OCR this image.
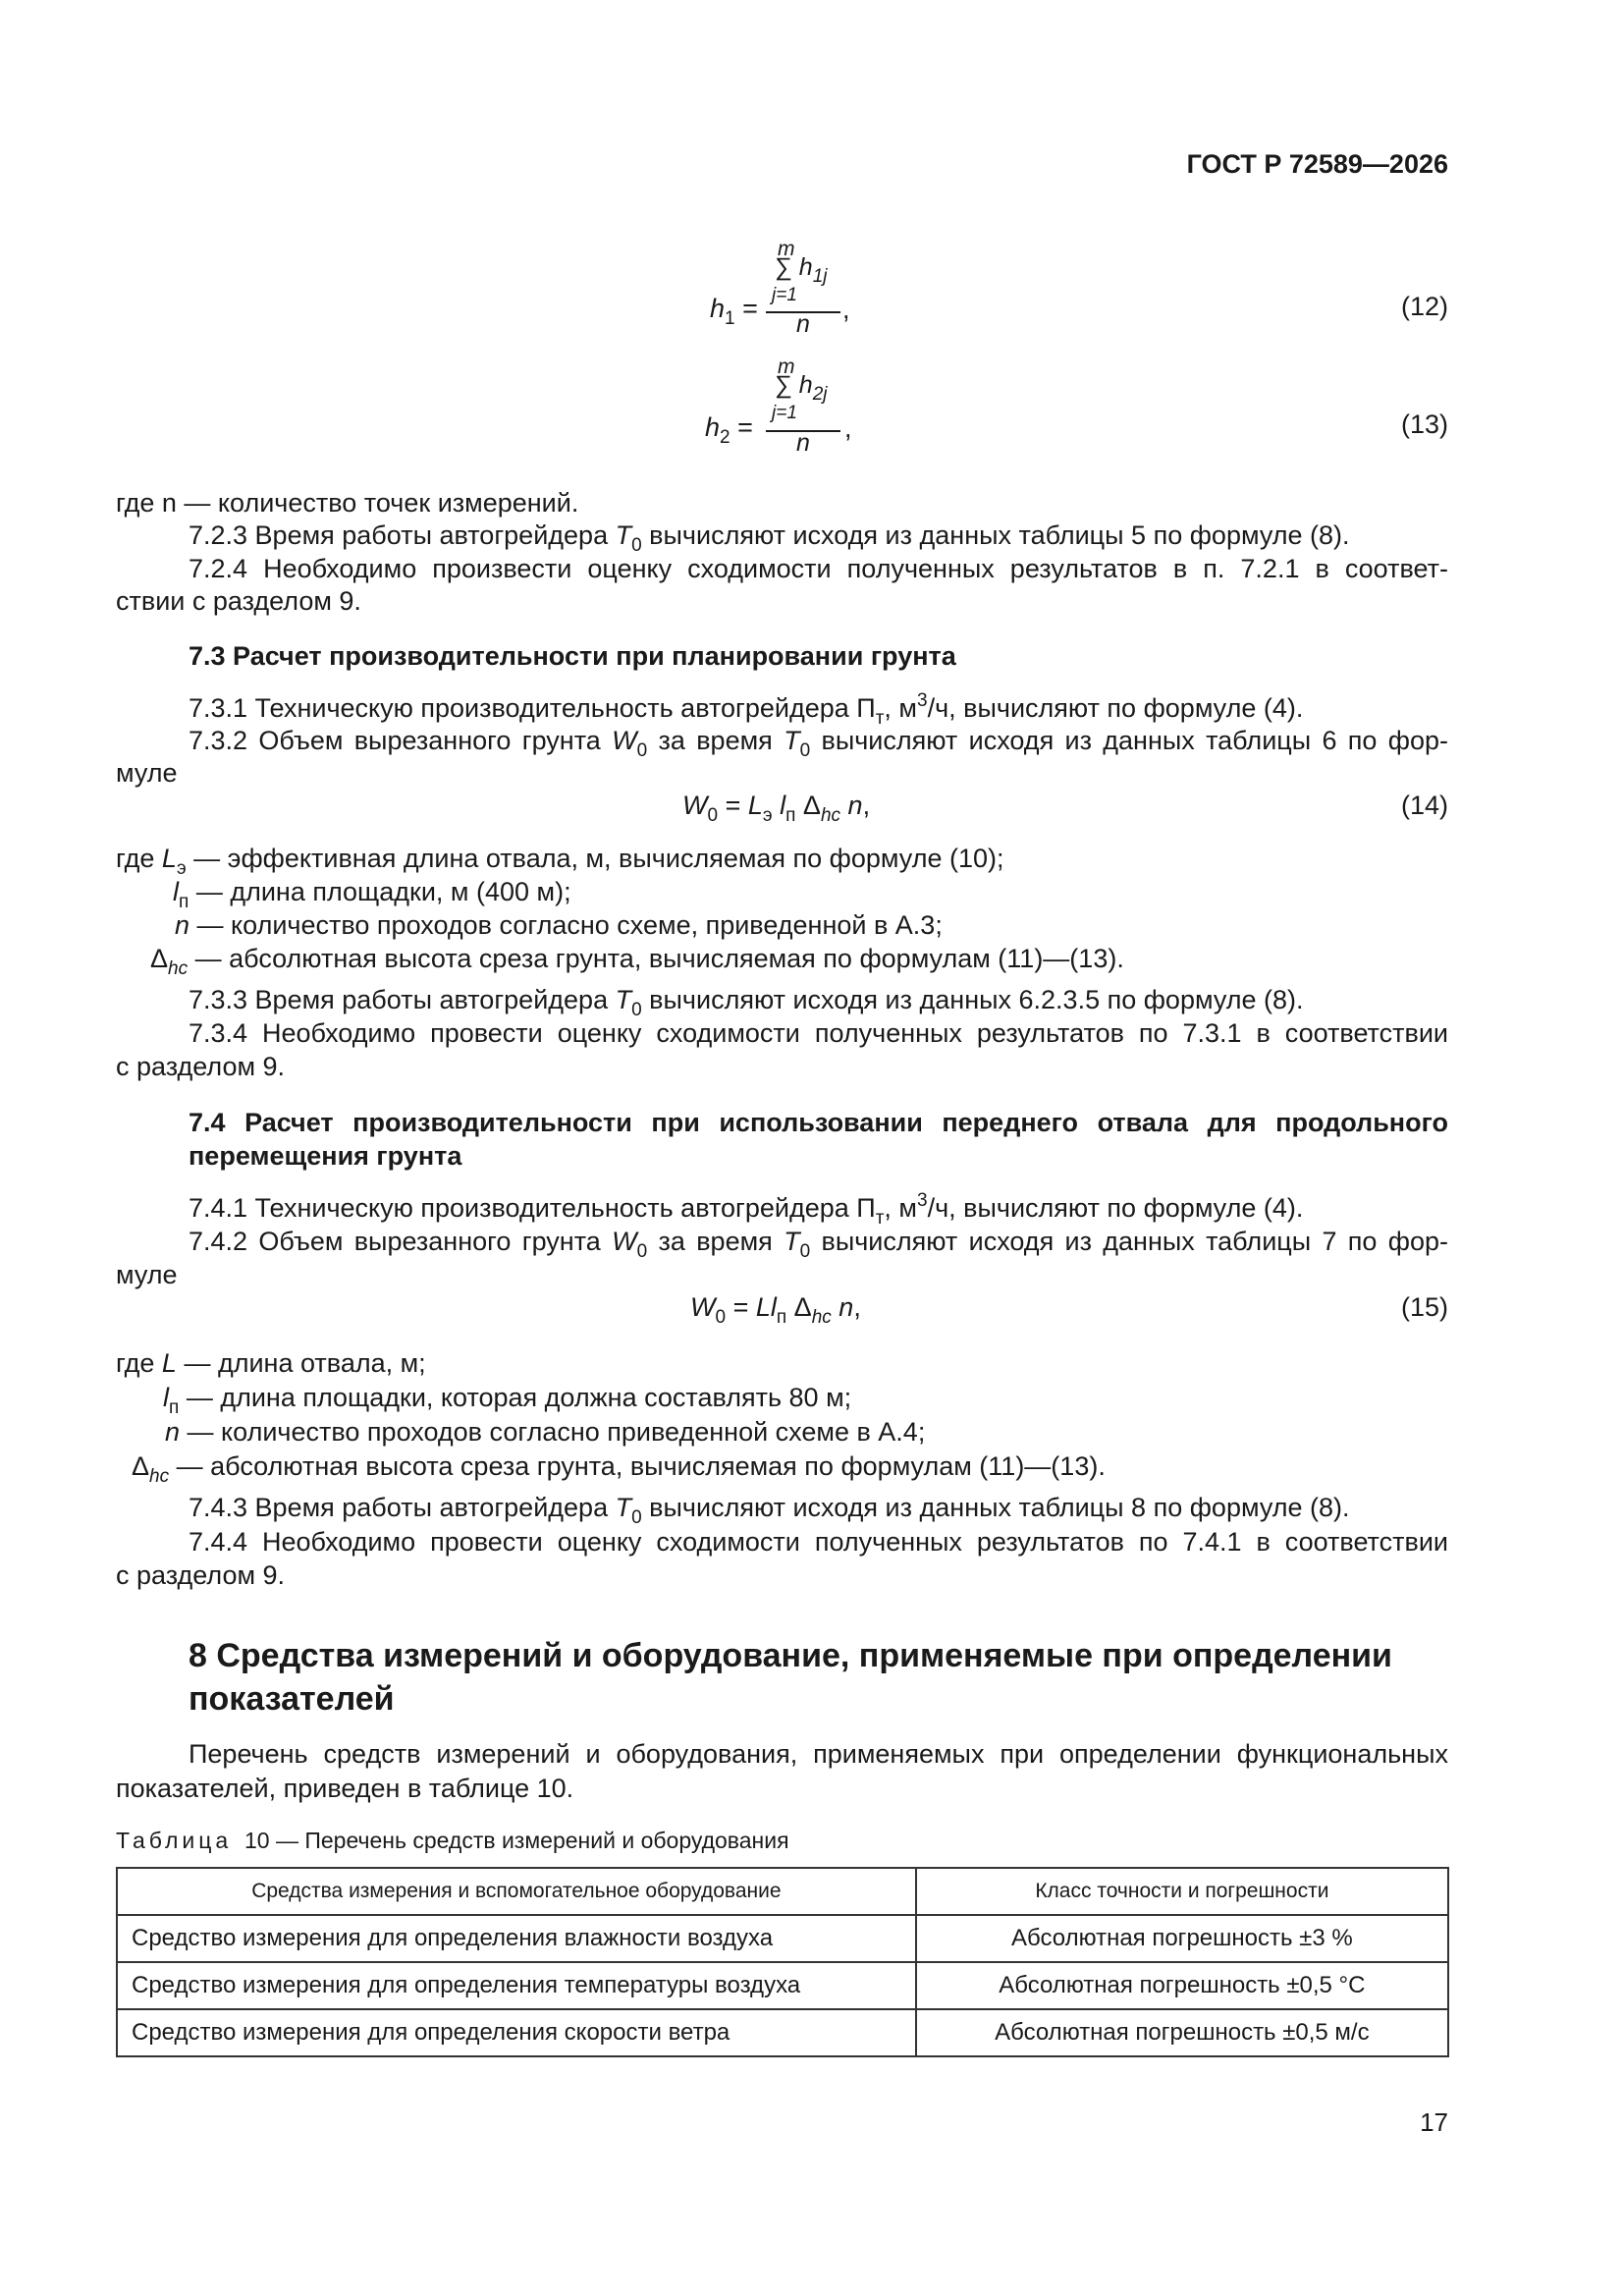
ГОСТ Р 72589—2026
m
∑ $h_{1j}$
j=1
$h_1$ =
n ,	(12)
m
∑ $h_{2j}$
j=1
$h_2$ =
n ,	(13)
где n — количество точек измерений.
7.2.3 Время работы автогрейдера $T_0$ вычисляют исходя из данных таблицы 5 по формуле (8).
7.2.4 Необходимо произвести оценку сходимости полученных результатов в п. 7.2.1 в соответ-
ствии с разделом 9.
7.3 Расчет производительности при планировании грунта
7.3.1 Техническую производительность автогрейдера $П_т$, $м^3/ч$, вычисляют по формуле (4).
7.3.2 Объем вырезанного грунта $W_0$ за время $T_0$ вычисляют исходя из данных таблицы 6 по фор-
муле
$W_0 = L_э$ $l_п$ $\Delta_{hc}$ n,	(14)
где $L_э$ — эффективная длина отвала, м, вычисляемая по формуле (10);
$l_п$ — длина площадки, м (400 м);
n — количество проходов согласно схеме, приведенной в А.3;
$\Delta_{hc}$ — абсолютная высота среза грунта, вычисляемая по формулам (11)—(13).
7.3.3 Время работы автогрейдера $T_0$ вычисляют исходя из данных 6.2.3.5 по формуле (8).
7.3.4 Необходимо провести оценку сходимости полученных результатов по 7.3.1 в соответствии
с разделом 9.
7.4 Расчет производительности при использовании переднего отвала для продольного
перемещения грунта
7.4.1 Техническую производительность автогрейдера $П_т$, $м^3/ч$, вычисляют по формуле (4).
7.4.2 Объем вырезанного грунта $W_0$ за время $T_0$ вычисляют исходя из данных таблицы 7 по фор-
муле
$W_0 = Ll_п$ $\Delta_{hc}$ n,	(15)
где L — длина отвала, м;
$l_п$ — длина площадки, которая должна составлять 80 м;
n — количество проходов согласно приведенной схеме в А.4;
$\Delta_{hc}$ — абсолютная высота среза грунта, вычисляемая по формулам (11)—(13).
7.4.3 Время работы автогрейдера $T_0$ вычисляют исходя из данных таблицы 8 по формуле (8).
7.4.4 Необходимо провести оценку сходимости полученных результатов по 7.4.1 в соответствии
с разделом 9.
8 Средства измерений и оборудование, применяемые при определении
показателей
Перечень средств измерений и оборудования, применяемых при определении функциональных
показателей, приведен в таблице 10.
Таблица 10 — Перечень средств измерений и оборудования
Средства измерения и вспомогательное оборудование	Класс точности и погрешности
Средство измерения для определения влажности воздуха	Абсолютная погрешность ±3 %
Средство измерения для определения температуры воздуха	Абсолютная погрешность ±0,5 °С
Средство измерения для определения скорости ветра	Абсолютная погрешность ±0,5 м/с
17
